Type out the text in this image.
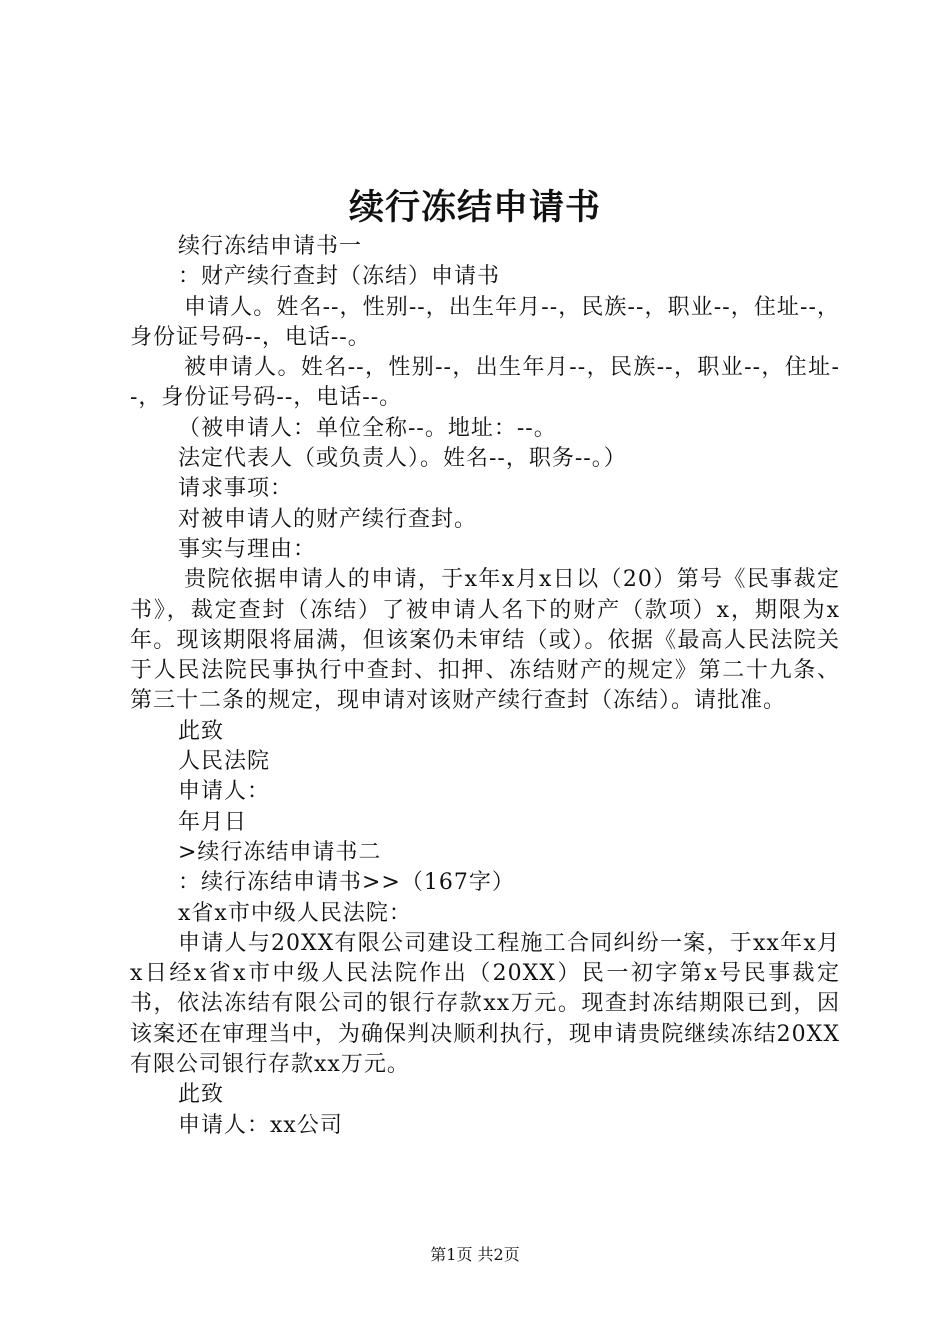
续行冻结申请书

续行冻结申请书一

：财产续行查封（冻结）申请书

申请人。姓名--，性别--，出生年月--，民族--，职业--，住址--，身份证号码--，电话--。

被申请人。姓名--，性别--，出生年月--，民族--，职业--，住址--，身份证号码--，电话--。

（被申请人：单位全称--。地址：--。

法定代表人（或负责人）。姓名--，职务--。）

请求事项：

对被申请人的财产续行查封。

事实与理由：

贵院依据申请人的申请，于x年x月x日以（20）第号《民事裁定书》，裁定查封（冻结）了被申请人名下的财产（款项）x，期限为x年。现该期限将届满，但该案仍未审结（或）。依据《最高人民法院关于人民法院民事执行中查封、扣押、冻结财产的规定》第二十九条、第三十二条的规定，现申请对该财产续行查封（冻结）。请批准。

此致

人民法院

申请人：

年月日

>续行冻结申请书二

：续行冻结申请书>>（167字）

x省x市中级人民法院：

申请人与20XX有限公司建设工程施工合同纠纷一案，于xx年x月x日经x省x市中级人民法院作出（20XX）民一初字第x号民事裁定书，依法冻结有限公司的银行存款xx万元。现查封冻结期限已到，因该案还在审理当中，为确保判决顺利执行，现申请贵院继续冻结20XX有限公司银行存款xx万元。

此致

申请人：xx公司

第1页 共2页
